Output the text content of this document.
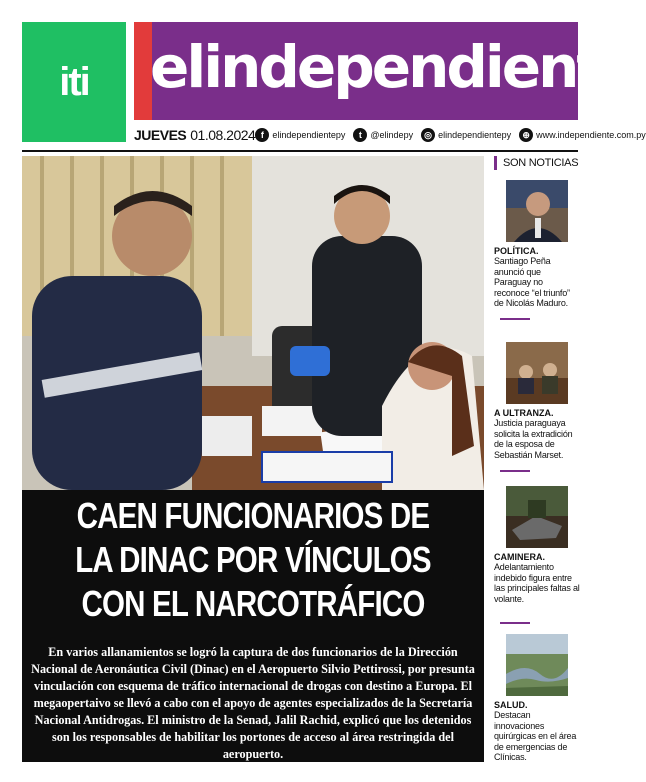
iti elindependiente
JUEVES 01.08.2024 f elindependientepy	t @elindepy	◎ elindependientepy	⊕ www.independiente.com.py
CAEN FUNCIONARIOS DE LA DINAC POR VÍNCULOS CON EL NARCOTRÁFICO
En varios allanamientos se logró la captura de dos funcionarios de la Dirección Nacional de Aeronáutica Civil (Dinac) en el Aeropuerto Silvio Pettirossi, por presunta vinculación con esquema de tráfico internacional de drogas con destino a Europa. El megaopertaivo se llevó a cabo con el apoyo de agentes especializados de la Secretaría Nacional Antidrogas. El ministro de la Senad, Jalil Rachid, explicó que los detenidos son los responsables de habilitar los portones de acceso al área restringida del aeropuerto.
SON NOTICIAS
POLÍTICA.
Santiago Peña anunció que Paraguay no reconoce “el triunfo” de Nicolás Maduro.
A ULTRANZA.
Justicia paraguaya solicita la extradición de la esposa de Sebastián Marset.
CAMINERA.
Adelantamiento indebido figura entre las principales faltas al volante.
SALUD.
Destacan innovaciones quirúrgicas en el área de emergencias de Clínicas.
